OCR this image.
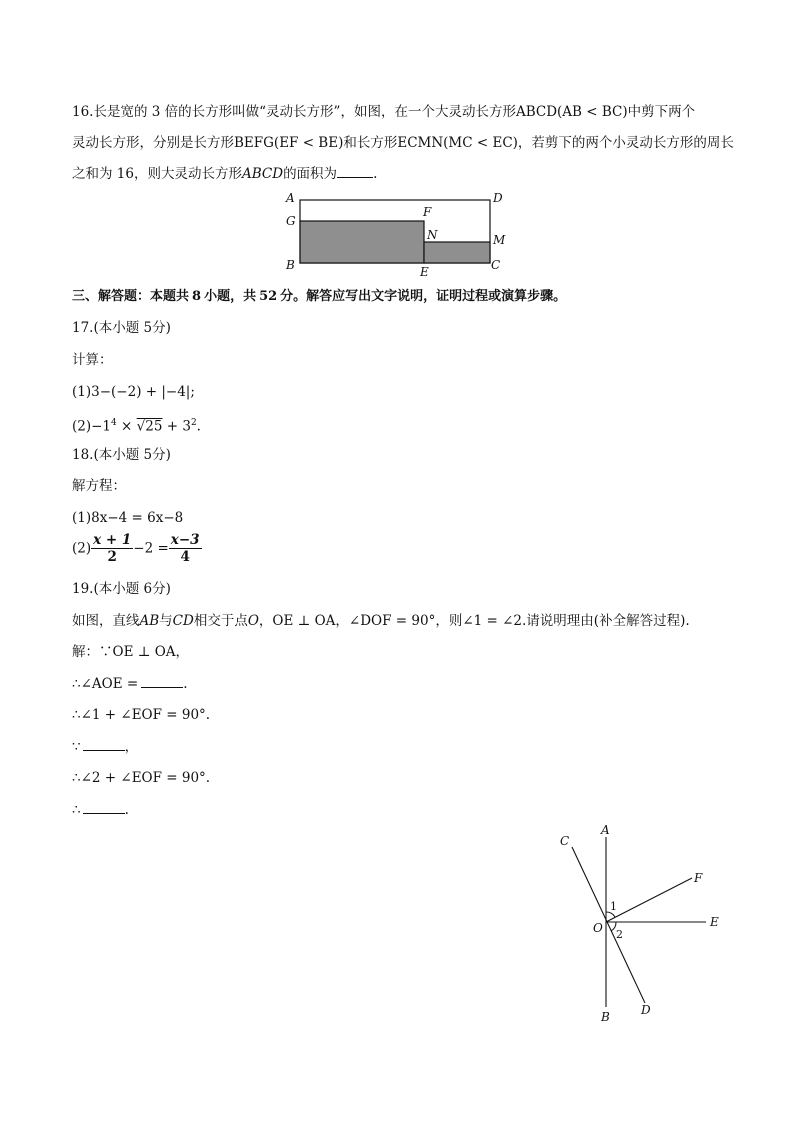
16.长是宽的 3 倍的长方形叫做“灵动长方形”，如图，在一个大灵动长方形ABCD(AB < BC)中剪下两个
灵动长方形，分别是长方形BEFG(EF < BE)和长方形ECMN(MC < EC)，若剪下的两个小灵动长方形的周长
之和为 16，则大灵动长方形ABCD的面积为	.
A
G
B
D
F
N	M
E	C
三、解答题：本题共 8 小题，共 52 分。解答应写出文字说明，证明过程或演算步骤。
17.(本小题 5分)
计算：
(1)3−(−2) + |−4|;
$(2)-1^4 \times √25 + 3^2$.
18.(本小题 5分)
解方程：
(1)8x−4 = 6x−8
$(2) \frac{x + 1}{2} -2 = \frac{x-3}{4}$
19.(本小题 6分)
如图，直线AB与CD相交于点O，OE ⊥ OA，∠DOF = 90°，则∠1 = ∠2.请说明理由(补全解答过程).
解：∵OE ⊥ OA，
∴∠AOE =	.
∴∠1 + ∠EOF = 90°.
∵	，
∴∠2 + ∠EOF = 90°.
∴	.
C
A
F
E
O
1
2
B	D
